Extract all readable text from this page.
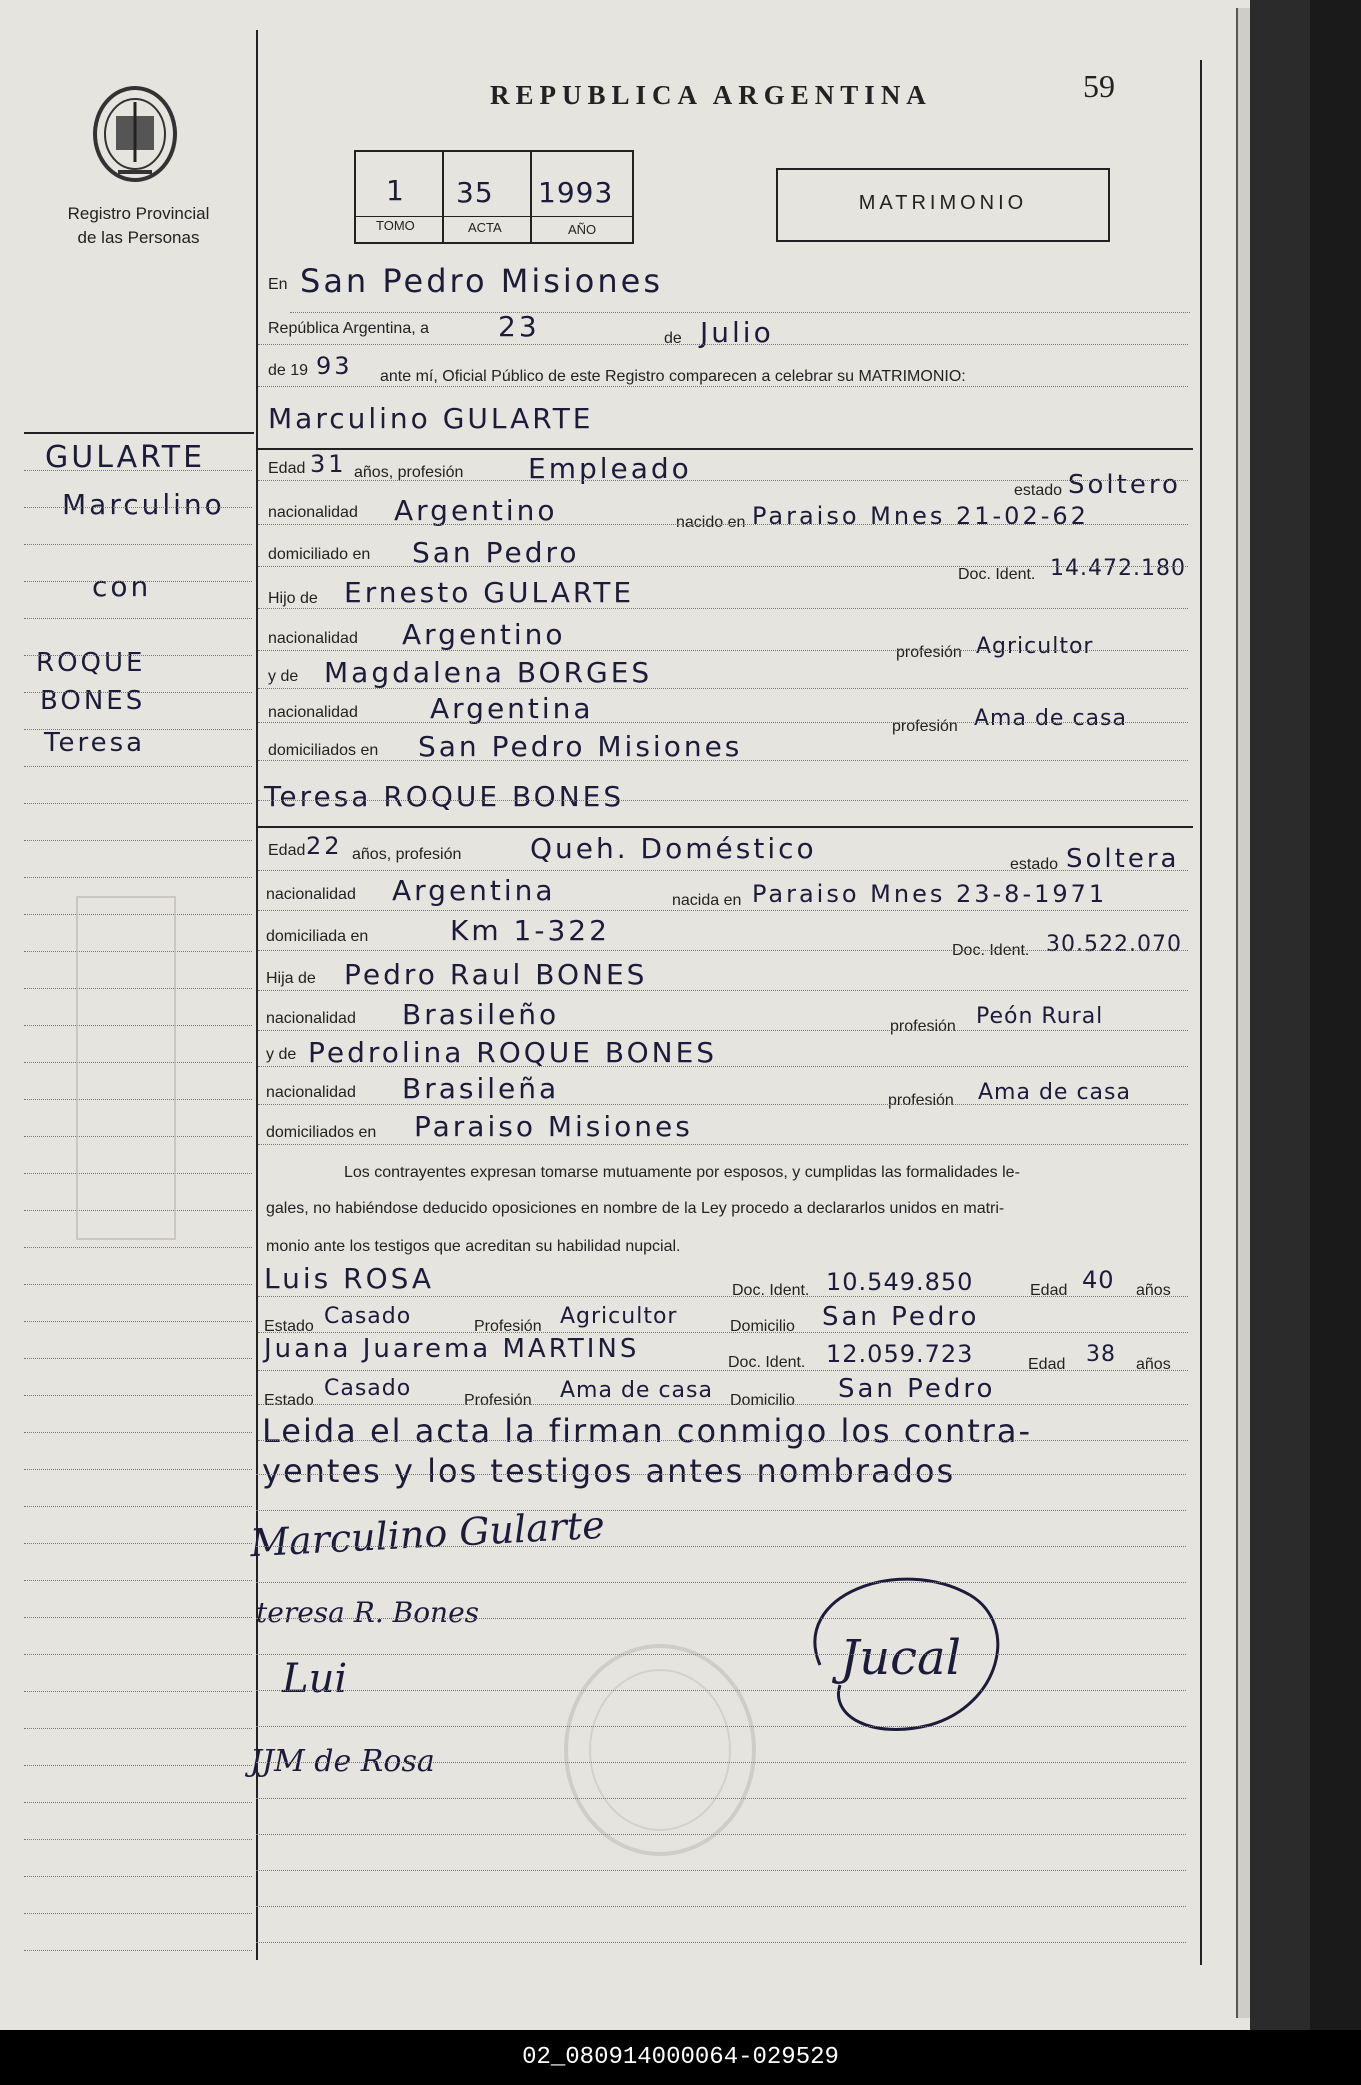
Registro Provincial
de las Personas
REPUBLICA ARGENTINA	59
1 35 1993
TOMO	ACTA	AÑO
MATRIMONIO
GULARTE
Marculino
con
ROQUE
BONES
Teresa
En San Pedro Misiones
República Argentina, a 23	de Julio
de 19 93 ante mí, Oficial Público de este Registro comparecen a celebrar su MATRIMONIO:
Marculino GULARTE
Edad 31 años, profesión Empleado
estado Soltero
nacionalidad Argentino	nacido en Paraiso Mnes 21-02-62
domiciliado en San Pedro
Doc. Ident. 14.472.180
Hijo de Ernesto GULARTE
nacionalidad Argentino
profesión Agricultor
y de Magdalena BORGES
nacionalidad	Argentina
profesión Ama de casa
domiciliados en San Pedro Misiones
Teresa ROQUE BONES
Edad 22 años, profesión Queh. Doméstico	estado Soltera
nacionalidad Argentina	nacida en Paraiso Mnes 23-8-1971
domiciliada en	Km 1-322
Doc. Ident. 30.522.070
Hija de Pedro Raul BONES
nacionalidad Brasileño	profesión Peón Rural
y de Pedrolina ROQUE BONES
nacionalidad Brasileña	profesión Ama de casa
domiciliados en Paraiso Misiones
Los contrayentes expresan tomarse mutuamente por esposos, y cumplidas las formalidades le-
gales, no habiéndose deducido oposiciones en nombre de la Ley procedo a declararlos unidos en matri-
monio ante los testigos que acreditan su habilidad nupcial.
Luis ROSA	Doc. Ident. 10.549.850	Edad 40 años
Estado Casado	Profesión Agricultor	Domicilio San Pedro
Juana Juarema MARTINS	Doc. Ident. 12.059.723	Edad 38 años
Estado Casado	Profesión Ama de casa Domicilio San Pedro
Leida el acta la firman conmigo los contra-
yentes y los testigos antes nombrados
Marculino Gularte
teresa R. Bones
Lui
JJM de Rosa
Jucal
02_080914000064-029529
